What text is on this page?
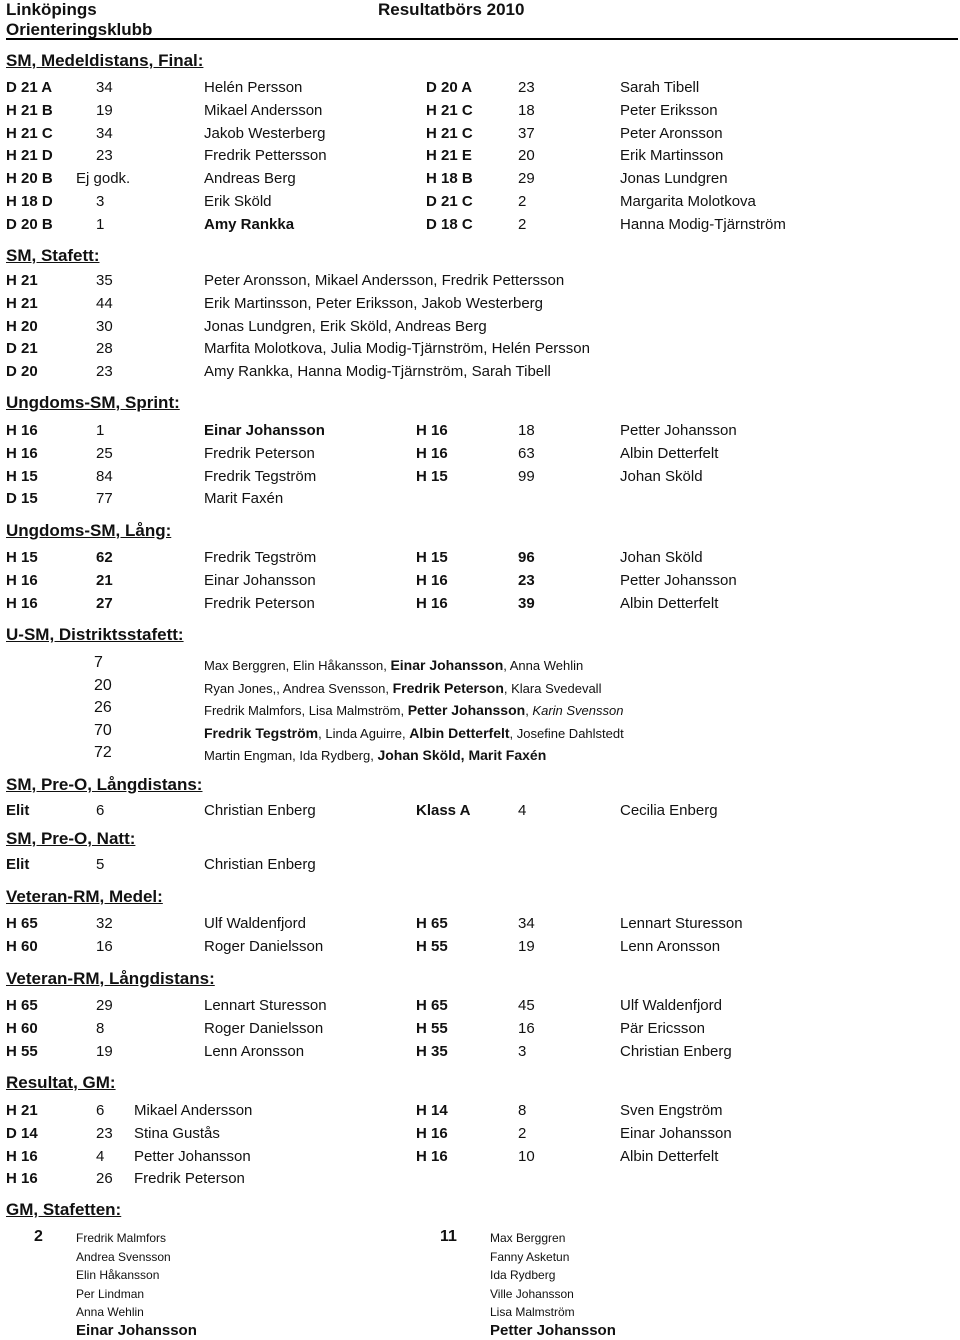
Linköpings
Orienteringsklubb
Resultatbörs 2010
SM, Medeldistans, Final:
D 21 A	34	Helén Persson	D 20 A	23	Sarah Tibell
H 21 B	19	Mikael Andersson	H 21 C	18	Peter Eriksson
H 21 C	34	Jakob Westerberg	H 21 C	37	Peter Aronsson
H 21 D	23	Fredrik Pettersson	H 21 E	20	Erik Martinsson
H 20 B Ej godk.	Andreas Berg	H 18 B	29	Jonas Lundgren
H 18 D	3	Erik Sköld	D 21 C	2	Margarita Molotkova
D 20 B	1	Amy Rankka	D 18 C	2	Hanna Modig-Tjärnström
SM, Stafett:
H 21	35	Peter Aronsson, Mikael Andersson, Fredrik Pettersson
H 21	44	Erik Martinsson, Peter Eriksson, Jakob Westerberg
H 20	30	Jonas Lundgren, Erik Sköld, Andreas Berg
D 21	28	Marfita Molotkova, Julia Modig-Tjärnström, Helén Persson
D 20	23	Amy Rankka, Hanna Modig-Tjärnström, Sarah Tibell
Ungdoms-SM, Sprint:
H 16	1	Einar Johansson	H 16	18	Petter Johansson
H 16	25	Fredrik Peterson	H 16	63	Albin Detterfelt
H 15	84	Fredrik Tegström	H 15	99	Johan Sköld
D 15	77	Marit Faxén
Ungdoms-SM, Lång:
H 15	62	Fredrik Tegström	H 15	96	Johan Sköld
H 16	21	Einar Johansson	H 16	23	Petter Johansson
H 16	27	Fredrik Peterson	H 16	39	Albin Detterfelt
U-SM, Distriktsstafett:
7	Max Berggren, Elin Håkansson, Einar Johansson, Anna Wehlin
20	Ryan Jones,, Andrea Svensson, Fredrik Peterson, Klara Svedevall
26	Fredrik Malmfors, Lisa Malmström, Petter Johansson, Karin Svensson
70	Fredrik Tegström, Linda Aguirre, Albin Detterfelt, Josefine Dahlstedt
72	Martin Engman, Ida Rydberg, Johan Sköld, Marit Faxén
SM, Pre-O, Långdistans:
Elit	6	Christian Enberg	Klass A	4	Cecilia Enberg
SM, Pre-O, Natt:
Elit	5	Christian Enberg
Veteran-RM, Medel:
H 65	32	Ulf Waldenfjord	H 65	34	Lennart Sturesson
H 60	16	Roger Danielsson	H 55	19	Lenn Aronsson
Veteran-RM, Långdistans:
H 65	29	Lennart Sturesson	H 65	45	Ulf Waldenfjord
H 60	8	Roger Danielsson	H 55	16	Pär Ericsson
H 55	19	Lenn Aronsson	H 35	3	Christian Enberg
Resultat, GM:
H 21	6 Mikael Andersson	H 14	8	Sven Engström
D 14	23 Stina Gustås	H 16	2	Einar Johansson
H 16	4 Petter Johansson	H 16	10	Albin Detterfelt
H 16	26 Fredrik Peterson
GM, Stafetten:
2	Fredrik Malmfors
Andrea Svensson
Elin Håkansson
Per Lindman
Anna Wehlin
Einar Johansson
11	Max Berggren
Fanny Asketun
Ida Rydberg
Ville Johansson
Lisa Malmström
Petter Johansson
